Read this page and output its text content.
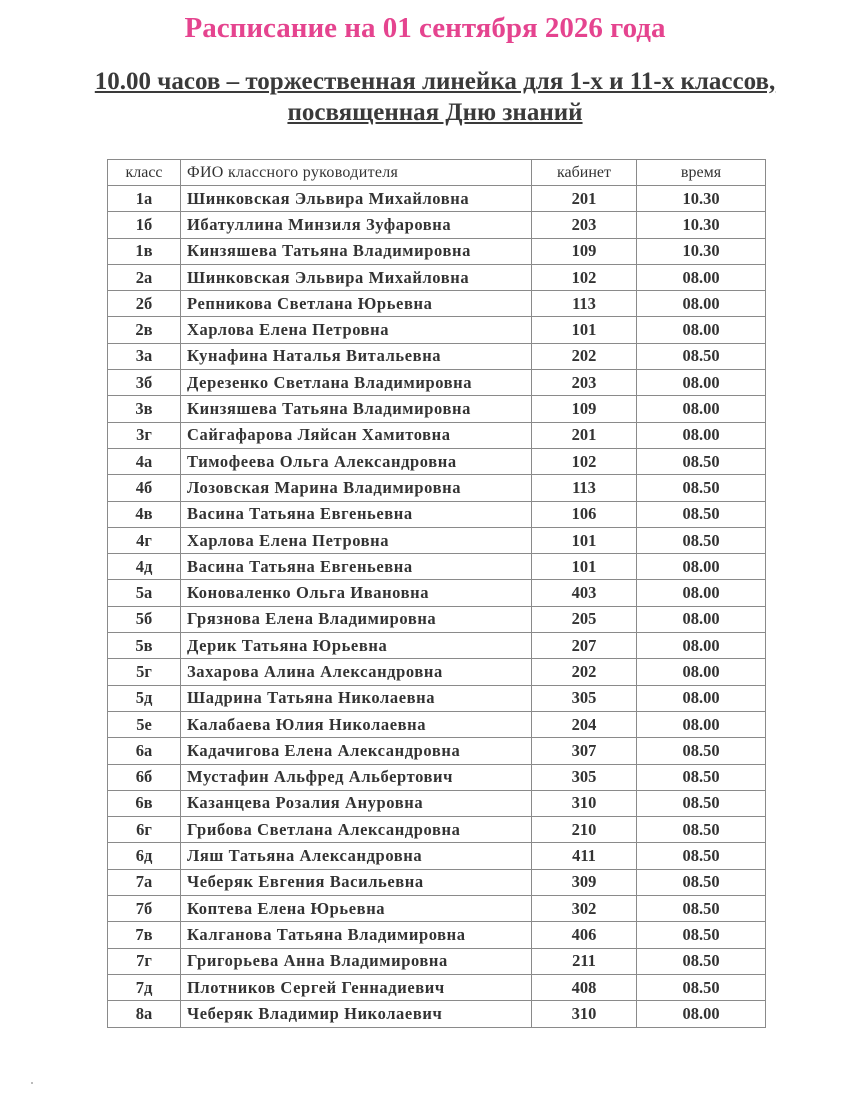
Расписание на 01 сентября 2026 года
10.00 часов – торжественная линейка для 1-х и 11-х классов, посвященная Дню знаний
класс	ФИО классного руководителя	кабинет	время
1а	Шинковская Эльвира Михайловна	201	10.30
1б	Ибатуллина Минзиля Зуфаровна	203	10.30
1в	Кинзяшева Татьяна Владимировна	109	10.30
2а	Шинковская Эльвира Михайловна	102	08.00
2б	Репникова Светлана Юрьевна	113	08.00
2в	Харлова Елена Петровна	101	08.00
3а	Кунафина Наталья Витальевна	202	08.50
3б	Дерезенко Светлана Владимировна	203	08.00
3в	Кинзяшева Татьяна Владимировна	109	08.00
3г	Сайгафарова Ляйсан Хамитовна	201	08.00
4а	Тимофеева Ольга Александровна	102	08.50
4б	Лозовская Марина Владимировна	113	08.50
4в	Васина Татьяна Евгеньевна	106	08.50
4г	Харлова Елена Петровна	101	08.50
4д	Васина Татьяна Евгеньевна	101	08.00
5а	Коноваленко Ольга Ивановна	403	08.00
5б	Грязнова Елена Владимировна	205	08.00
5в	Дерик Татьяна Юрьевна	207	08.00
5г	Захарова Алина Александровна	202	08.00
5д	Шадрина Татьяна Николаевна	305	08.00
5е	Калабаева Юлия Николаевна	204	08.00
6а	Кадачигова Елена Александровна	307	08.50
6б	Мустафин Альфред Альбертович	305	08.50
6в	Казанцева Розалия Ануровна	310	08.50
6г	Грибова Светлана Александровна	210	08.50
6д	Ляш Татьяна Александровна	411	08.50
7а	Чеберяк Евгения Васильевна	309	08.50
7б	Коптева Елена Юрьевна	302	08.50
7в	Калганова Татьяна Владимировна	406	08.50
7г	Григорьева Анна Владимировна	211	08.50
7д	Плотников Сергей Геннадиевич	408	08.50
8а	Чеберяк Владимир Николаевич	310	08.00
